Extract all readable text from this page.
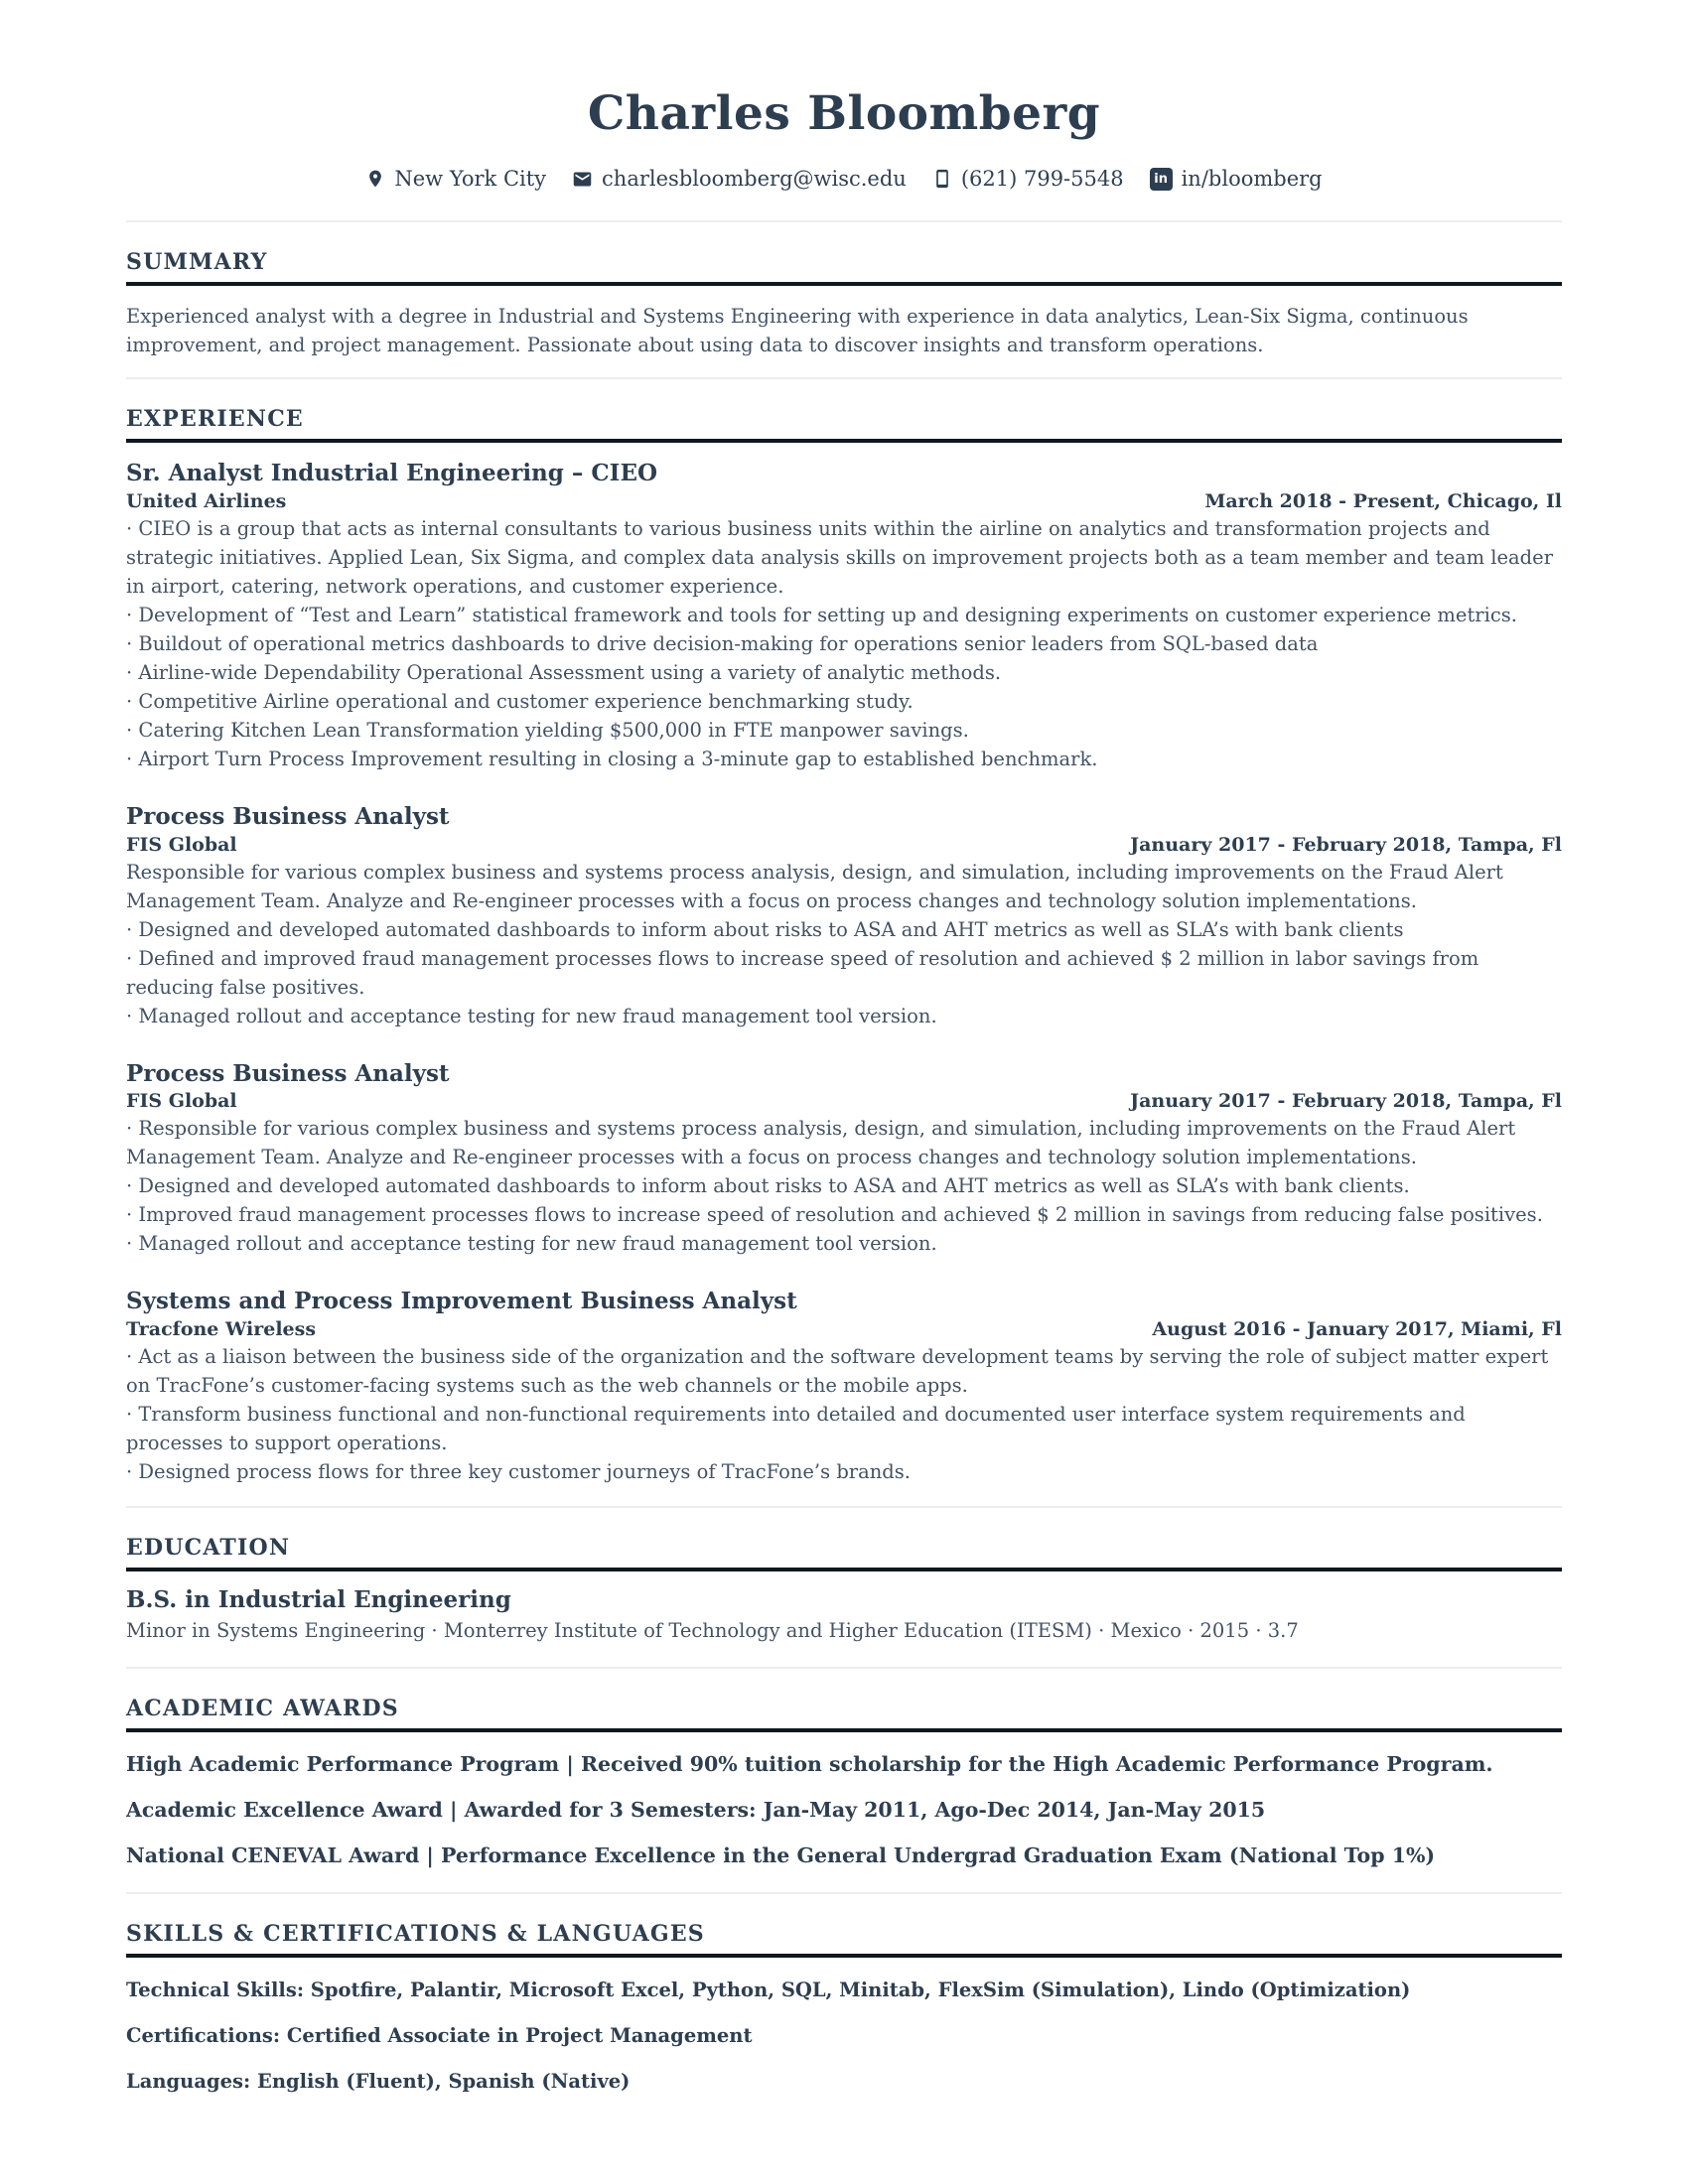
Charles Bloomberg
New York City	charlesbloomberg@wisc.edu	(621) 799-5548	in in/bloomberg
SUMMARY

Experienced analyst with a degree in Industrial and Systems Engineering with experience in data analytics, Lean-Six Sigma, continuous improvement, and project management. Passionate about using data to discover insights and transform operations.

EXPERIENCE
Sr. Analyst Industrial Engineering – CIEO
United Airlines	March 2018 - Present, Chicago, Il

· CIEO is a group that acts as internal consultants to various business units within the airline on analytics and transformation projects and strategic initiatives. Applied Lean, Six Sigma, and complex data analysis skills on improvement projects both as a team member and team leader in airport, catering, network operations, and customer experience.

· Development of “Test and Learn” statistical framework and tools for setting up and designing experiments on customer experience metrics.

· Buildout of operational metrics dashboards to drive decision-making for operations senior leaders from SQL-based data

· Airline-wide Dependability Operational Assessment using a variety of analytic methods.

· Competitive Airline operational and customer experience benchmarking study.

· Catering Kitchen Lean Transformation yielding $500,000 in FTE manpower savings.

· Airport Turn Process Improvement resulting in closing a 3-minute gap to established benchmark.

Process Business Analyst
FIS Global	January 2017 - February 2018, Tampa, Fl

Responsible for various complex business and systems process analysis, design, and simulation, including improvements on the Fraud Alert Management Team. Analyze and Re-engineer processes with a focus on process changes and technology solution implementations.

· Designed and developed automated dashboards to inform about risks to ASA and AHT metrics as well as SLA’s with bank clients

· Defined and improved fraud management processes flows to increase speed of resolution and achieved $ 2 million in labor savings from reducing false positives.

· Managed rollout and acceptance testing for new fraud management tool version.

Process Business Analyst
FIS Global	January 2017 - February 2018, Tampa, Fl

· Responsible for various complex business and systems process analysis, design, and simulation, including improvements on the Fraud Alert Management Team. Analyze and Re-engineer processes with a focus on process changes and technology solution implementations.

· Designed and developed automated dashboards to inform about risks to ASA and AHT metrics as well as SLA’s with bank clients.

· Improved fraud management processes flows to increase speed of resolution and achieved $ 2 million in savings from reducing false positives.

· Managed rollout and acceptance testing for new fraud management tool version.

Systems and Process Improvement Business Analyst
Tracfone Wireless	August 2016 - January 2017, Miami, Fl

· Act as a liaison between the business side of the organization and the software development teams by serving the role of subject matter expert on TracFone’s customer-facing systems such as the web channels or the mobile apps.

· Transform business functional and non-functional requirements into detailed and documented user interface system requirements and processes to support operations.

· Designed process flows for three key customer journeys of TracFone’s brands.

EDUCATION
B.S. in Industrial Engineering

Minor in Systems Engineering · Monterrey Institute of Technology and Higher Education (ITESM) · Mexico · 2015 · 3.7

ACADEMIC AWARDS

High Academic Performance Program | Received 90% tuition scholarship for the High Academic Performance Program.

Academic Excellence Award | Awarded for 3 Semesters: Jan-May 2011, Ago-Dec 2014, Jan-May 2015

National CENEVAL Award | Performance Excellence in the General Undergrad Graduation Exam (National Top 1%)

SKILLS & CERTIFICATIONS & LANGUAGES

Technical Skills: Spotfire, Palantir, Microsoft Excel, Python, SQL, Minitab, FlexSim (Simulation), Lindo (Optimization)

Certifications: Certified Associate in Project Management

Languages: English (Fluent), Spanish (Native)
